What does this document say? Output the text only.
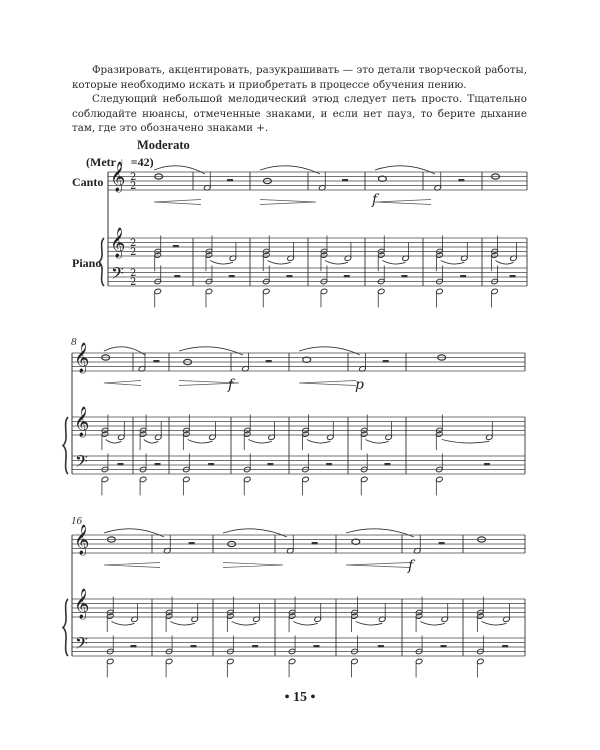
Фразировать, акцентировать, разукрашивать — это детали творческой работы, которые необходимо искать и приобретать в процессе обучения пению.
Следующий небольшой мелодический этюд следует петь просто. Тщательно соблюдайте нюансы, отмеченные знаками, и если нет пауз, то берите дыхание там, где это обозначено знаками +.
Moderato
(Metr ♩=42)
Canto
Piano
8
16
𝄞
𝄞
𝄢
2
2
2
2
2
2
f
𝄞
𝄞
𝄢
f	p
𝄞
𝄞
𝄢
f
• 15 •
